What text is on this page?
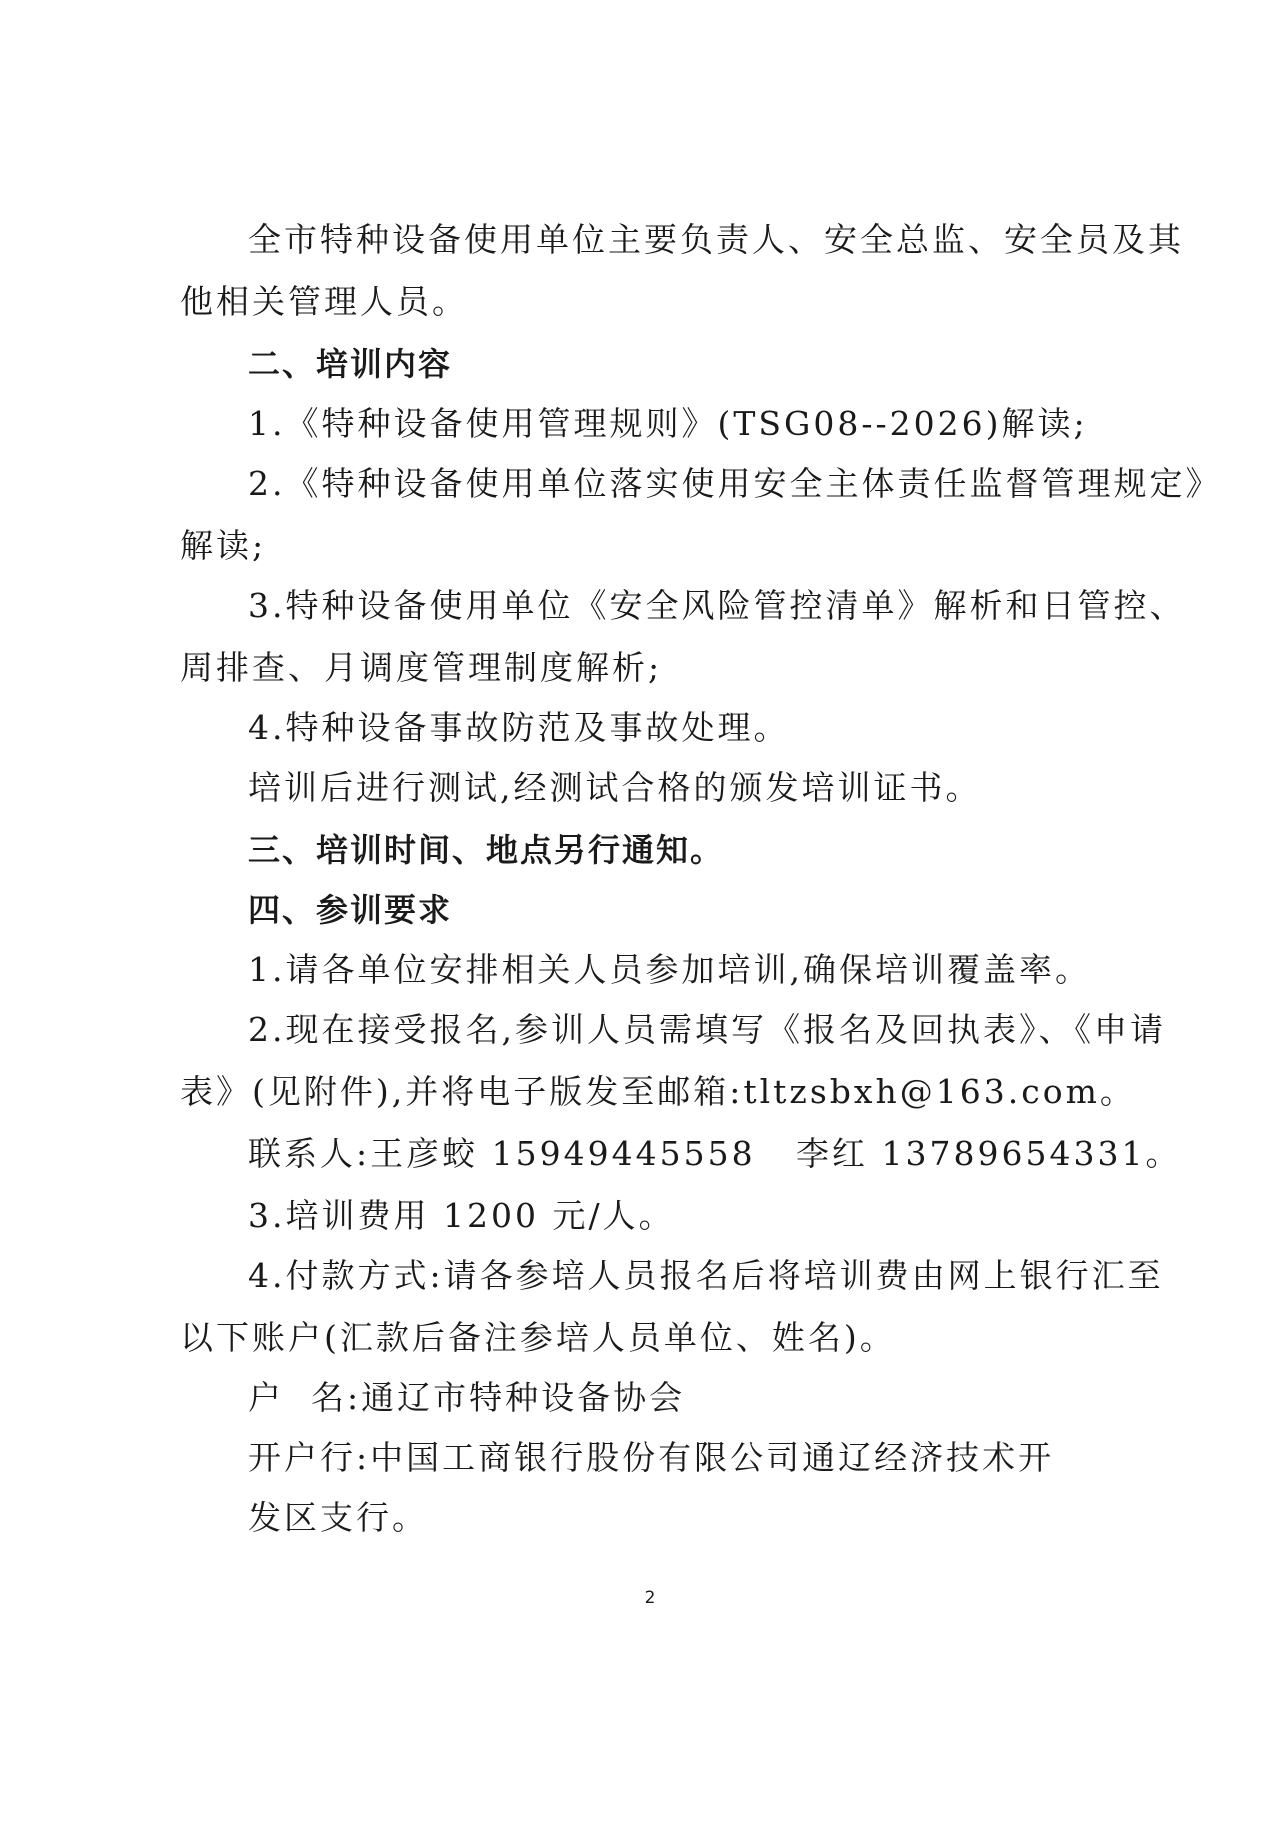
全市特种设备使用单位主要负责人、安全总监、安全员及其
他相关管理人员。
二、培训内容
1.《特种设备使用管理规则》(TSG08--2026)解读;
2.《特种设备使用单位落实使用安全主体责任监督管理规定》
解读;
3.特种设备使用单位《安全风险管控清单》解析和日管控、
周排查、月调度管理制度解析;
4.特种设备事故防范及事故处理。
培训后进行测试,经测试合格的颁发培训证书。
三、培训时间、地点另行通知。
四、参训要求
1.请各单位安排相关人员参加培训,确保培训覆盖率。
2.现在接受报名,参训人员需填写《报名及回执表》、《申请
表》(见附件),并将电子版发至邮箱:tltzsbxh@163.com。
联系人:王彦蛟 15949445558   李红 13789654331。
3.培训费用 1200 元/人。
4.付款方式:请各参培人员报名后将培训费由网上银行汇至
以下账户(汇款后备注参培人员单位、姓名)。
户  名:通辽市特种设备协会
开户行:中国工商银行股份有限公司通辽经济技术开
发区支行。
2
